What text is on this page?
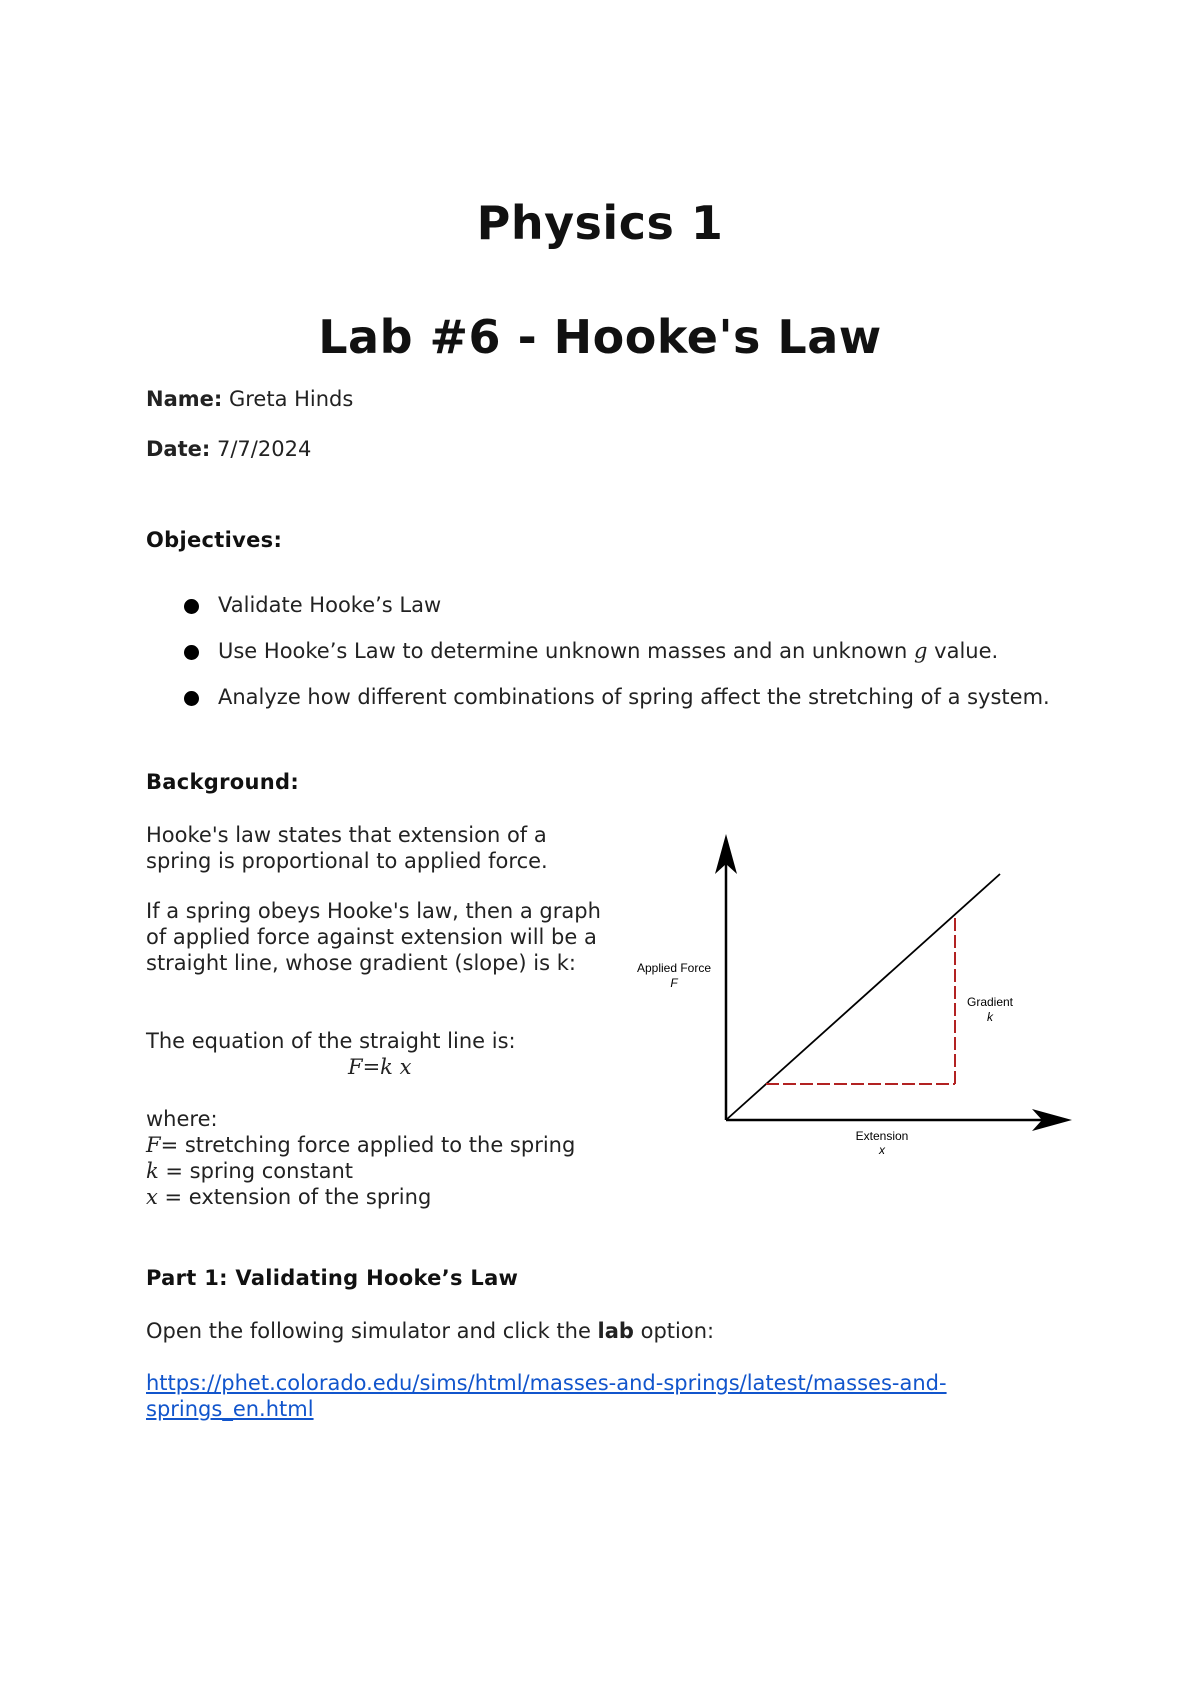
Physics 1
Lab #6 - Hooke's Law
Name: Greta Hinds
Date: 7/7/2024
Objectives:
Validate Hooke’s Law
Use Hooke’s Law to determine unknown masses and an unknown g value.
Analyze how different combinations of spring affect the stretching of a system.
Background:
Hooke's law states that extension of a spring is proportional to applied force.
If a spring obeys Hooke's law, then a graph of applied force against extension will be a straight line, whose gradient (slope) is k:
The equation of the straight line is:
F=k x
where:
F= stretching force applied to the spring
k = spring constant
x = extension of the spring
Applied Force
F
Gradient
k
Extension
x
Part 1: Validating Hooke’s Law
Open the following simulator and click the lab option:
https://phet.colorado.edu/sims/html/masses-and-springs/latest/masses-and-
springs_en.html
